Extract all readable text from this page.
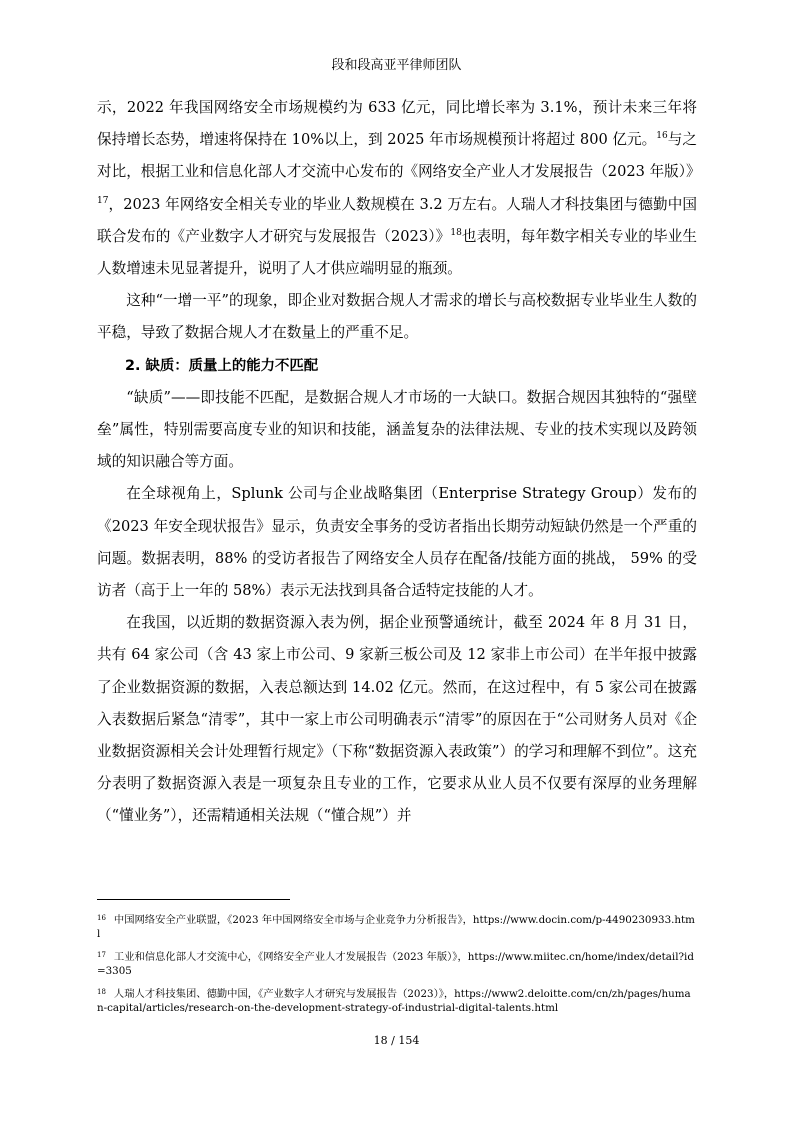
段和段高亚平律师团队

示，2022 年我国网络安全市场规模约为 633 亿元，同比增长率为 3.1%，预计未来三年将保持增长态势，增速将保持在 10%以上，到 2025 年市场规模预计将超过 800 亿元。$^{16}$与之对比，根据工业和信息化部人才交流中心发布的《网络安全产业人才发展报告（2023 年版）》$^{17}$，2023 年网络安全相关专业的毕业人数规模在 3.2 万左右。人瑞人才科技集团与德勤中国联合发布的《产业数字人才研究与发展报告（2023）》$^{18}$也表明，每年数字相关专业的毕业生人数增速未见显著提升，说明了人才供应端明显的瓶颈。

这种“一增一平”的现象，即企业对数据合规人才需求的增长与高校数据专业毕业生人数的平稳，导致了数据合规人才在数量上的严重不足。

2. 缺质：质量上的能力不匹配

“缺质”——即技能不匹配，是数据合规人才市场的一大缺口。数据合规因其独特的“强壁垒”属性，特别需要高度专业的知识和技能，涵盖复杂的法律法规、专业的技术实现以及跨领域的知识融合等方面。

在全球视角上，Splunk 公司与企业战略集团（Enterprise Strategy Group）发布的《2023 年安全现状报告》显示，负责安全事务的受访者指出长期劳动短缺仍然是一个严重的问题。数据表明，88% 的受访者报告了网络安全人员存在配备/技能方面的挑战， 59% 的受访者（高于上一年的 58%）表示无法找到具备合适特定技能的人才。

在我国，以近期的数据资源入表为例，据企业预警通统计，截至 2024 年 8 月 31 日，共有 64 家公司（含 43 家上市公司、9 家新三板公司及 12 家非上市公司）在半年报中披露了企业数据资源的数据，入表总额达到 14.02 亿元。然而，在这过程中，有 5 家公司在披露入表数据后紧急“清零”，其中一家上市公司明确表示“清零”的原因在于“公司财务人员对《企业数据资源相关会计处理暂行规定》（下称“数据资源入表政策”）的学习和理解不到位”。这充分表明了数据资源入表是一项复杂且专业的工作，它要求从业人员不仅要有深厚的业务理解（“懂业务”），还需精通相关法规（“懂合规”）并

$^{16}$ 中国网络安全产业联盟，《2023 年中国网络安全市场与企业竞争力分析报告》，https://www.docin.com/p-4490230933.html

$^{17}$ 工业和信息化部人才交流中心，《网络安全产业人才发展报告（2023 年版）》，https://www.miitec.cn/home/index/detail?id=3305

$^{18}$ 人瑞人才科技集团、德勤中国，《产业数字人才研究与发展报告（2023）》，https://www2.deloitte.com/cn/zh/pages/human-capital/articles/research-on-the-development-strategy-of-industrial-digital-talents.html

18 / 154
